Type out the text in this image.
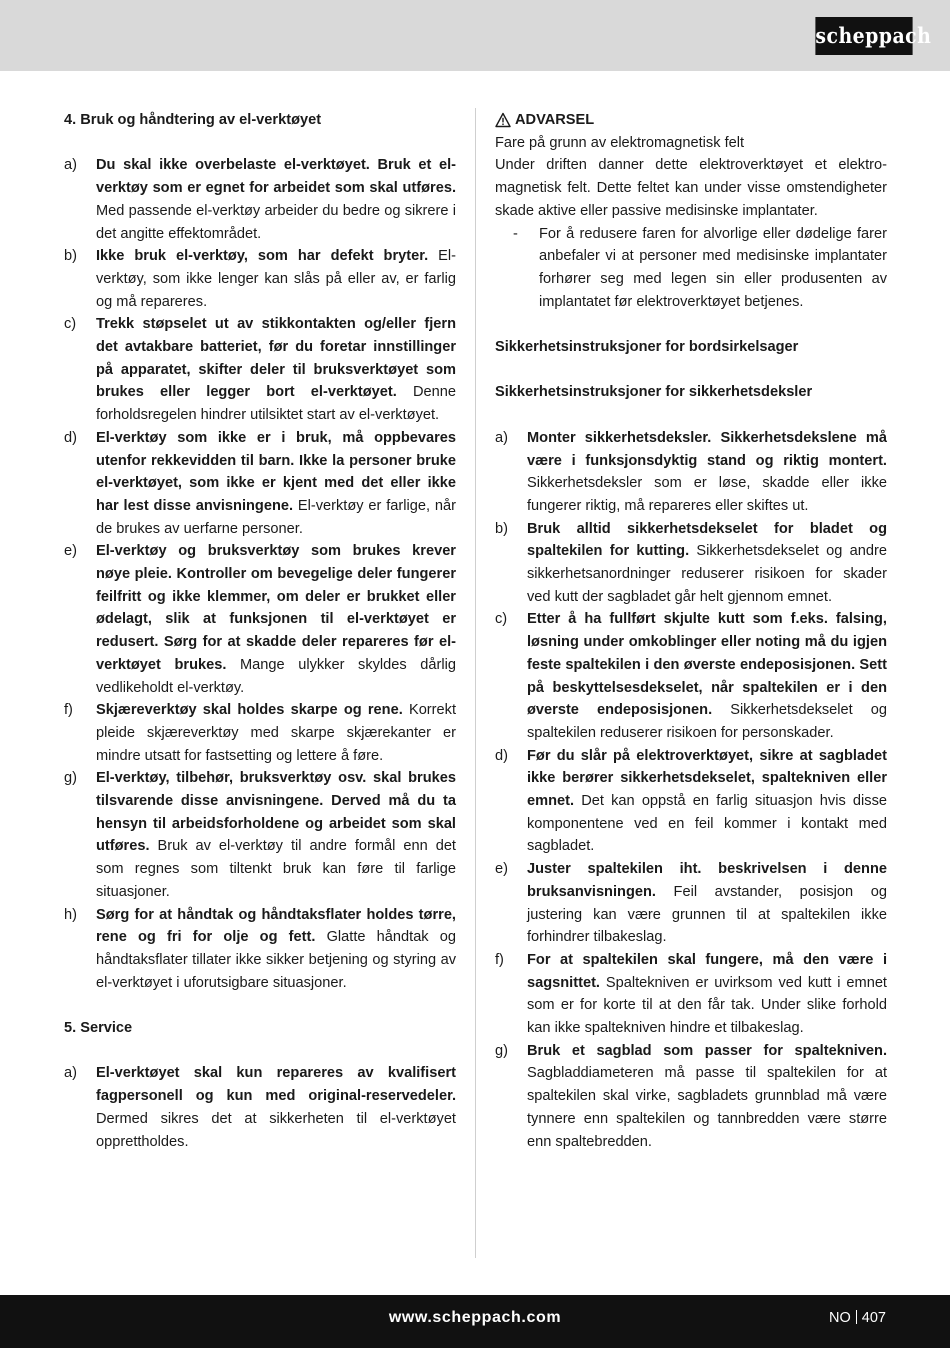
scheppach

4. Bruk og håndtering av el-verktøyet

a)	Du skal ikke overbelaste el-verktøyet. Bruk et el-verktøy som er egnet for arbeidet som skal utføres. Med passende el-verktøy arbeider du bedre og sikrere i det angitte effektområdet.
b)	Ikke bruk el-verktøy, som har defekt bryter. El-verktøy, som ikke lenger kan slås på eller av, er farlig og må repareres.
c)	Trekk støpselet ut av stikkontakten og/eller fjern det avtakbare batteriet, før du foretar innstillinger på apparatet, skifter deler til bruksverktøyet som brukes eller legger bort el-verktøyet. Denne forholdsregelen hindrer utilsiktet start av el-verktøyet.
d)	El-verktøy som ikke er i bruk, må oppbevares utenfor rekkevidden til barn. Ikke la personer bruke el-verktøyet, som ikke er kjent med det eller ikke har lest disse anvisningene. El-verktøy er farlige, når de brukes av uerfarne personer.
e)	El-verktøy og bruksverktøy som brukes krever nøye pleie. Kontroller om bevegelige deler fungerer feilfritt og ikke klemmer, om deler er brukket eller ødelagt, slik at funksjonen til el-verktøyet er redusert. Sørg for at skadde deler repareres før el-verktøyet brukes. Mange ulykker skyldes dårlig vedlikeholdt el-verktøy.
f)	Skjæreverktøy skal holdes skarpe og rene. Korrekt pleide skjæreverktøy med skarpe skjærekanter er mindre utsatt for fastsetting og lettere å føre.
g)	El-verktøy, tilbehør, bruksverktøy osv. skal brukes tilsvarende disse anvisningene. Derved må du ta hensyn til arbeidsforholdene og arbeidet som skal utføres. Bruk av el-verktøy til andre formål enn det som regnes som tiltenkt bruk kan føre til farlige situasjoner.
h)	Sørg for at håndtak og håndtaksflater holdes tørre, rene og fri for olje og fett. Glatte håndtak og håndtaksflater tillater ikke sikker betjening og styring av el-verktøyet i uforutsigbare situasjoner.

5. Service

a)	El-verktøyet skal kun repareres av kvalifisert fagpersonell og kun med original-reservedeler. Dermed sikres det at sikkerheten til el-verktøyet opprettholdes.
ADVARSEL

Fare på grunn av elektromagnetisk felt

Under driften danner dette elektroverktøyet et elektromagnetisk felt. Dette feltet kan under visse omstendigheter skade aktive eller passive medisinske implantater.

-	For å redusere faren for alvorlige eller dødelige farer anbefaler vi at personer med medisinske implantater forhører seg med legen sin eller produsenten av implantatet før elektroverktøyet betjenes.

Sikkerhetsinstruksjoner for bordsirkelsager

Sikkerhetsinstruksjoner for sikkerhetsdeksler

a)	Monter sikkerhetsdeksler. Sikkerhetsdekslene må være i funksjonsdyktig stand og riktig montert. Sikkerhetsdeksler som er løse, skadde eller ikke fungerer riktig, må repareres eller skiftes ut.
b)	Bruk alltid sikkerhetsdekselet for bladet og spaltekilen for kutting. Sikkerhetsdekselet og andre sikkerhetsanordninger reduserer risikoen for skader ved kutt der sagbladet går helt gjennom emnet.
c)	Etter å ha fullført skjulte kutt som f.eks. falsing, løsning under omkoblinger eller noting må du igjen feste spaltekilen i den øverste endeposisjonen. Sett på beskyttelsesdekselet, når spaltekilen er i den øverste endeposisjonen. Sikkerhetsdekselet og spaltekilen reduserer risikoen for personskader.
d)	Før du slår på elektroverktøyet, sikre at sagbladet ikke berører sikkerhetsdekselet, spaltekniven eller emnet. Det kan oppstå en farlig situasjon hvis disse komponentene ved en feil kommer i kontakt med sagbladet.
e)	Juster spaltekilen iht. beskrivelsen i denne bruksanvisningen. Feil avstander, posisjon og justering kan være grunnen til at spaltekilen ikke forhindrer tilbakeslag.
f)	For at spaltekilen skal fungere, må den være i sagsnittet. Spaltekniven er uvirksom ved kutt i emnet som er for korte til at den får tak. Under slike forhold kan ikke spaltekniven hindre et tilbakeslag.
g)	Bruk et sagblad som passer for spaltekniven. Sagbladdiameteren må passe til spaltekilen for at spaltekilen skal virke, sagbladets grunnblad må være tynnere enn spaltekilen og tannbredden være større enn spaltebredden.
www.scheppach.com	NO 407
